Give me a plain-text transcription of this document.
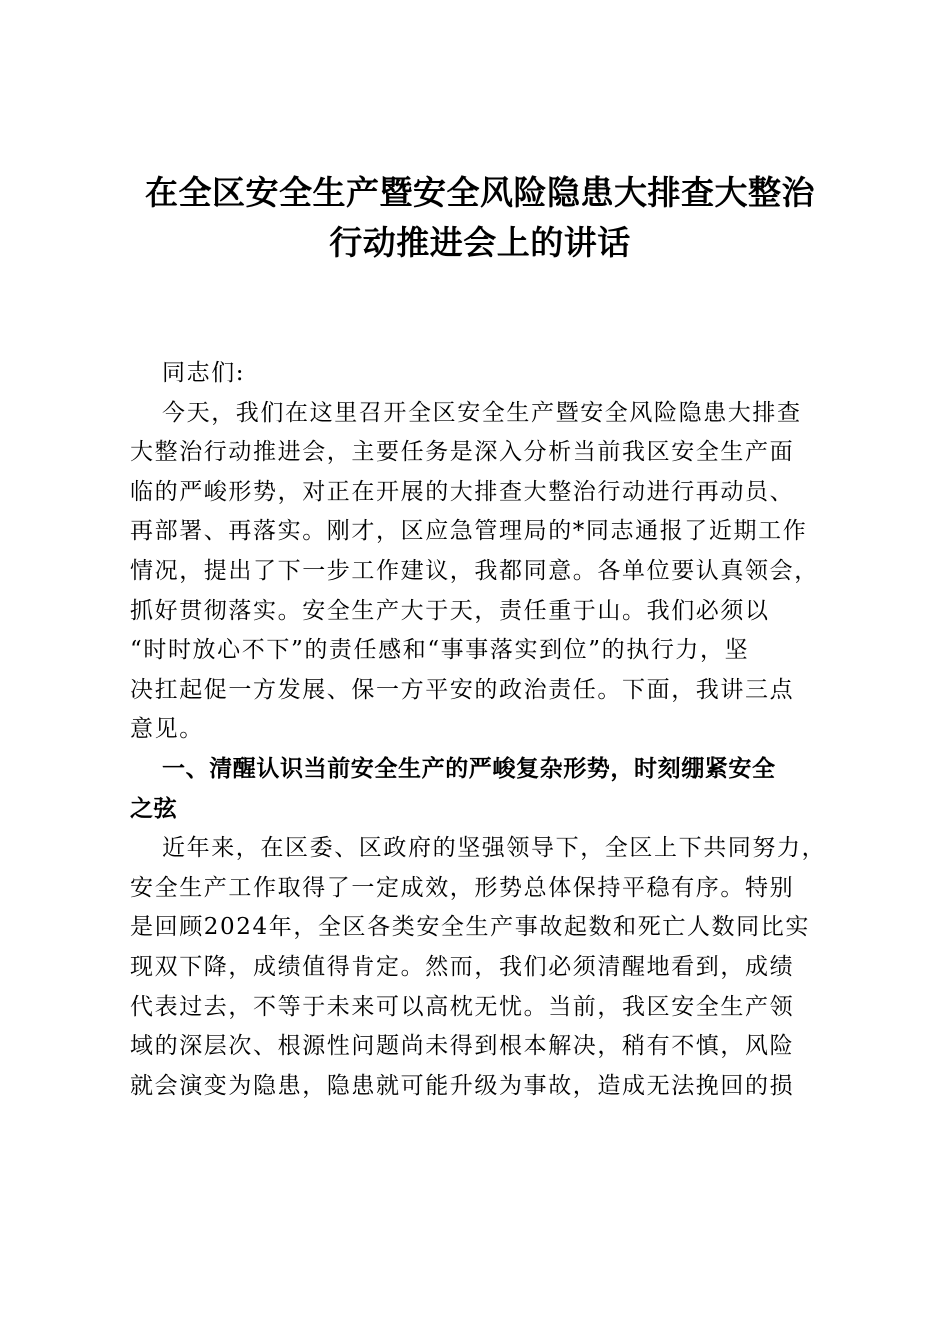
在全区安全生产暨安全风险隐患大排查大整治
行动推进会上的讲话

同志们:

今天，我们在这里召开全区安全生产暨安全风险隐患大排查
大整治行动推进会，主要任务是深入分析当前我区安全生产面
临的严峻形势，对正在开展的大排查大整治行动进行再动员、
再部署、再落实。刚才，区应急管理局的*同志通报了近期工作
情况，提出了下一步工作建议，我都同意。各单位要认真领会，
抓好贯彻落实。安全生产大于天，责任重于山。我们必须以
“时时放心不下”的责任感和“事事落实到位”的执行力，坚
决扛起促一方发展、保一方平安的政治责任。下面，我讲三点
意见。

一、清醒认识当前安全生产的严峻复杂形势，时刻绷紧安全
之弦

近年来，在区委、区政府的坚强领导下，全区上下共同努力，
安全生产工作取得了一定成效，形势总体保持平稳有序。特别
是回顾2024年，全区各类安全生产事故起数和死亡人数同比实
现双下降，成绩值得肯定。然而，我们必须清醒地看到，成绩
代表过去，不等于未来可以高枕无忧。当前，我区安全生产领
域的深层次、根源性问题尚未得到根本解决，稍有不慎，风险
就会演变为隐患，隐患就可能升级为事故，造成无法挽回的损
